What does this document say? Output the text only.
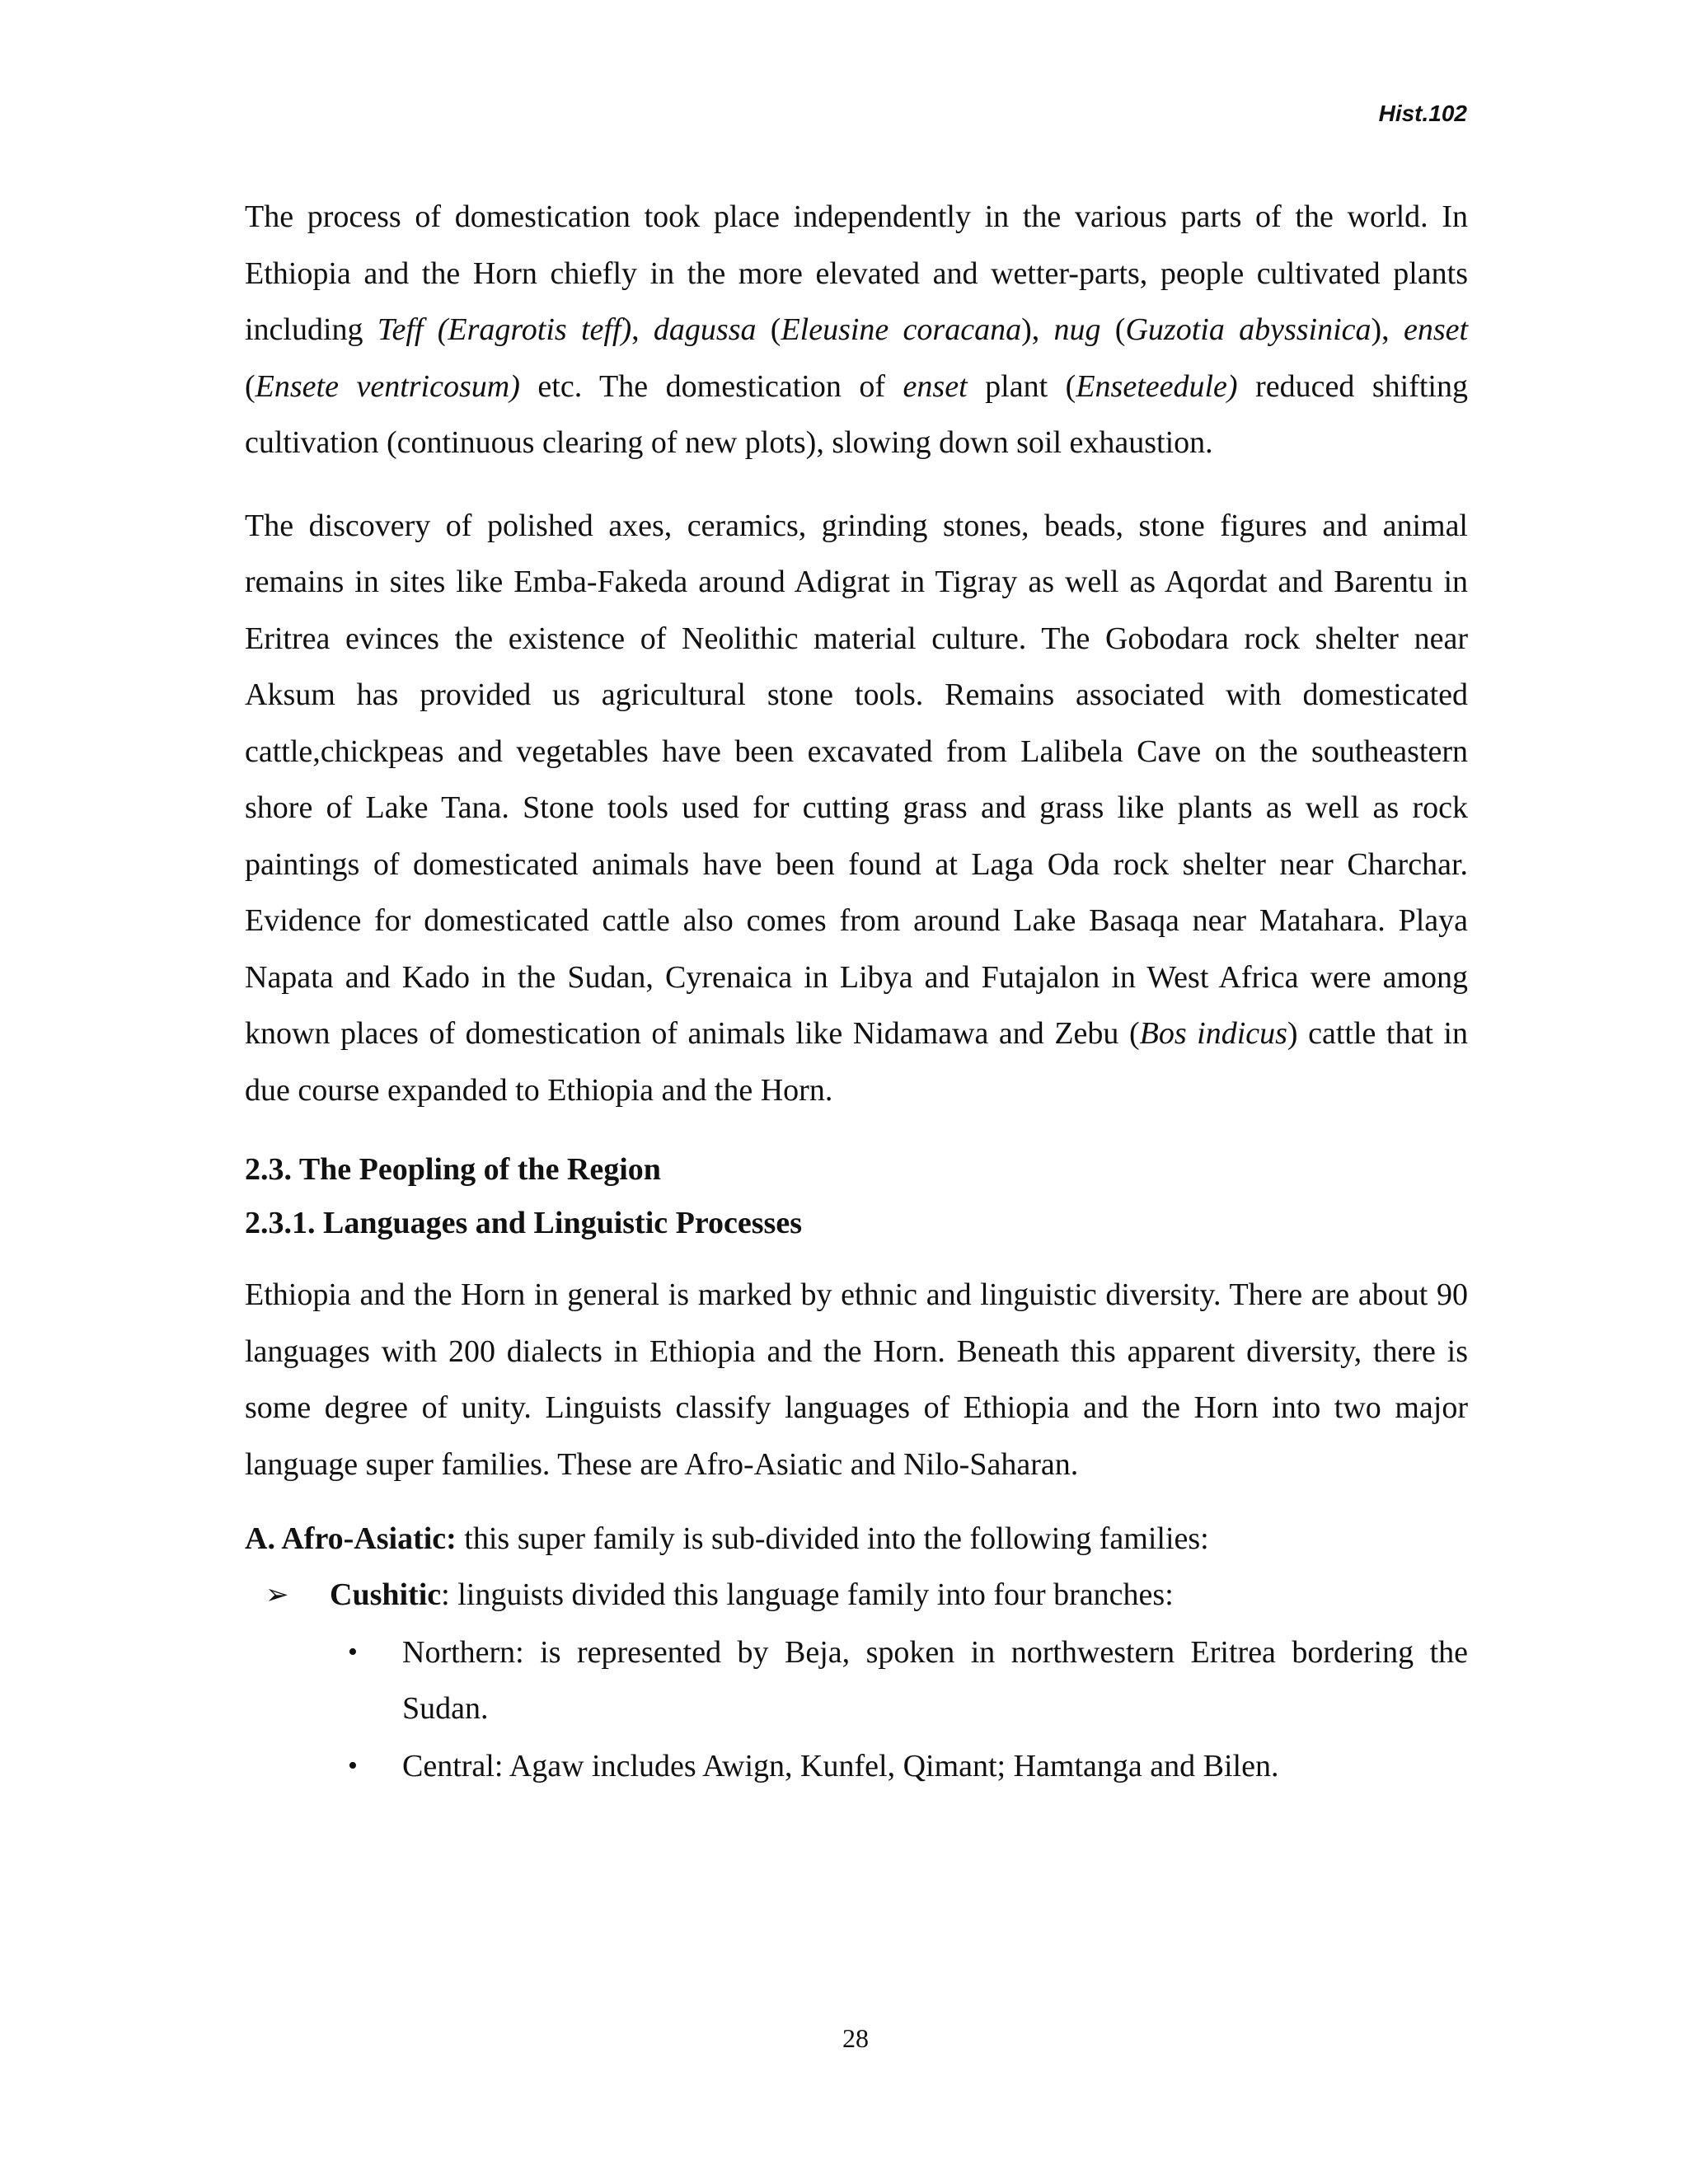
Hist.102

The process of domestication took place independently in the various parts of the world. In Ethiopia and the Horn chiefly in the more elevated and wetter-parts, people cultivated plants including Teff (Eragrotis teff), dagussa (Eleusine coracana), nug (Guzotia abyssinica), enset (Ensete ventricosum) etc. The domestication of enset plant (Enseteedule) reduced shifting cultivation (continuous clearing of new plots), slowing down soil exhaustion.

The discovery of polished axes, ceramics, grinding stones, beads, stone figures and animal remains in sites like Emba-Fakeda around Adigrat in Tigray as well as Aqordat and Barentu in Eritrea evinces the existence of Neolithic material culture. The Gobodara rock shelter near Aksum has provided us agricultural stone tools. Remains associated with domesticated cattle,chickpeas and vegetables have been excavated from Lalibela Cave on the southeastern shore of Lake Tana. Stone tools used for cutting grass and grass like plants as well as rock paintings of domesticated animals have been found at Laga Oda rock shelter near Charchar. Evidence for domesticated cattle also comes from around Lake Basaqa near Matahara. Playa Napata and Kado in the Sudan, Cyrenaica in Libya and Futajalon in West Africa were among known places of domestication of animals like Nidamawa and Zebu (Bos indicus) cattle that in due course expanded to Ethiopia and the Horn.

2.3. The Peopling of the Region
2.3.1. Languages and Linguistic Processes

Ethiopia and the Horn in general is marked by ethnic and linguistic diversity. There are about 90 languages with 200 dialects in Ethiopia and the Horn. Beneath this apparent diversity, there is some degree of unity. Linguists classify languages of Ethiopia and the Horn into two major language super families. These are Afro-Asiatic and Nilo-Saharan.

A. Afro-Asiatic: this super family is sub-divided into the following families:

➢	Cushitic: linguists divided this language family into four branches:

•	Northern: is represented by Beja, spoken in northwestern Eritrea bordering the Sudan.
•	Central: Agaw includes Awign, Kunfel, Qimant; Hamtanga and Bilen.
28
